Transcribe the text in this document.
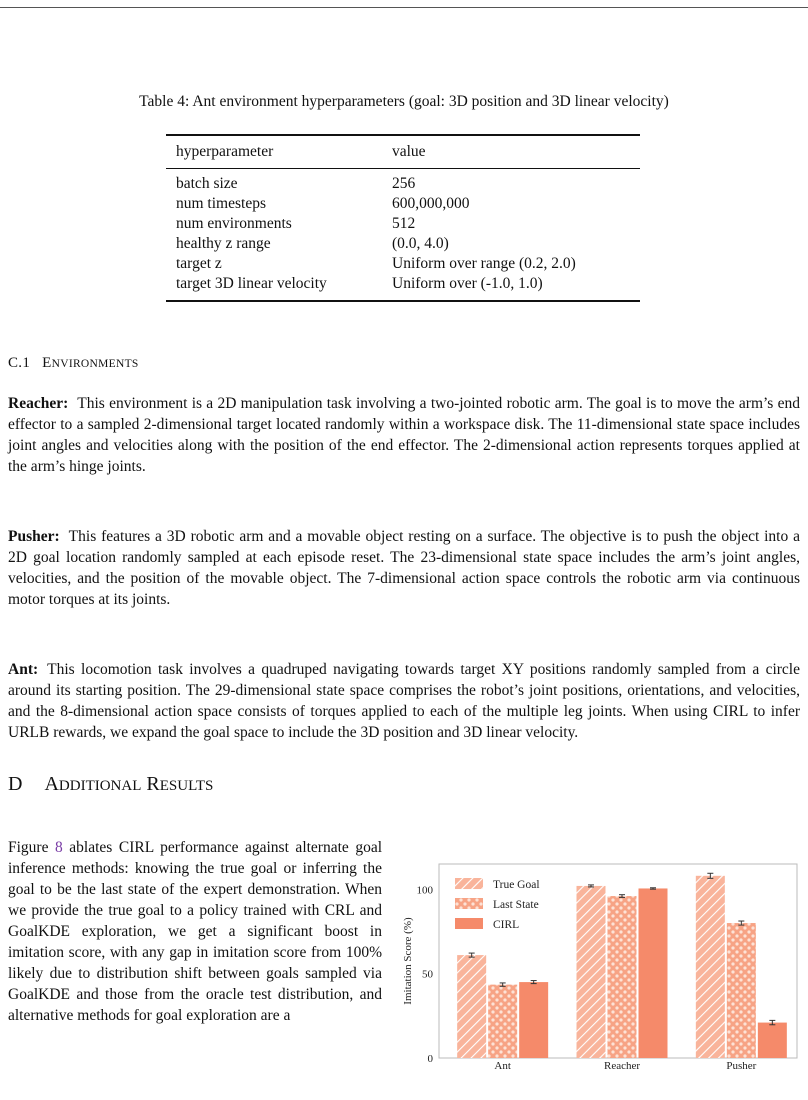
Table 4: Ant environment hyperparameters (goal: 3D position and 3D linear velocity)
hyperparameter	value
batch size	256
num timesteps	600,000,000
num environments	512
healthy z range	(0.0, 4.0)
target z	Uniform over range (0.2, 2.0)
target 3D linear velocity	Uniform over (-1.0, 1.0)
C.1 ENVIRONMENTS

Reacher: This environment is a 2D manipulation task involving a two-jointed robotic arm. The goal is to move the arm’s end effector to a sampled 2-dimensional target located randomly within a workspace disk. The 11-dimensional state space includes joint angles and velocities along with the position of the end effector. The 2-dimensional action represents torques applied at the arm’s hinge joints.

Pusher: This features a 3D robotic arm and a movable object resting on a surface. The objective is to push the object into a 2D goal location randomly sampled at each episode reset. The 23-dimensional state space includes the arm’s joint angles, velocities, and the position of the movable object. The 7-dimensional action space controls the robotic arm via continuous motor torques at its joints.

Ant: This locomotion task involves a quadruped navigating towards target XY positions randomly sampled from a circle around its starting position. The 29-dimensional state space comprises the robot’s joint positions, orientations, and velocities, and the 8-dimensional action space consists of torques applied to each of the multiple leg joints. When using CIRL to infer URLB rewards, we expand the goal space to include the 3D position and 3D linear velocity.

D ADDITIONAL RESULTS

Figure 8 ablates CIRL performance against alternate goal inference methods: knowing the true goal or inferring the goal to be the last state of the expert demonstration. When we provide the true goal to a policy trained with CRL and GoalKDE exploration, we get a significant boost in imitation score, with any gap in imitation score from 100% likely due to distribution shift between goals sampled via GoalKDE and those from the oracle test distribution, and alternative methods for goal exploration are a

Ant	Reacher	Pusher
0
50
100
Imitation Score (%)
True Goal
Last State
CIRL
